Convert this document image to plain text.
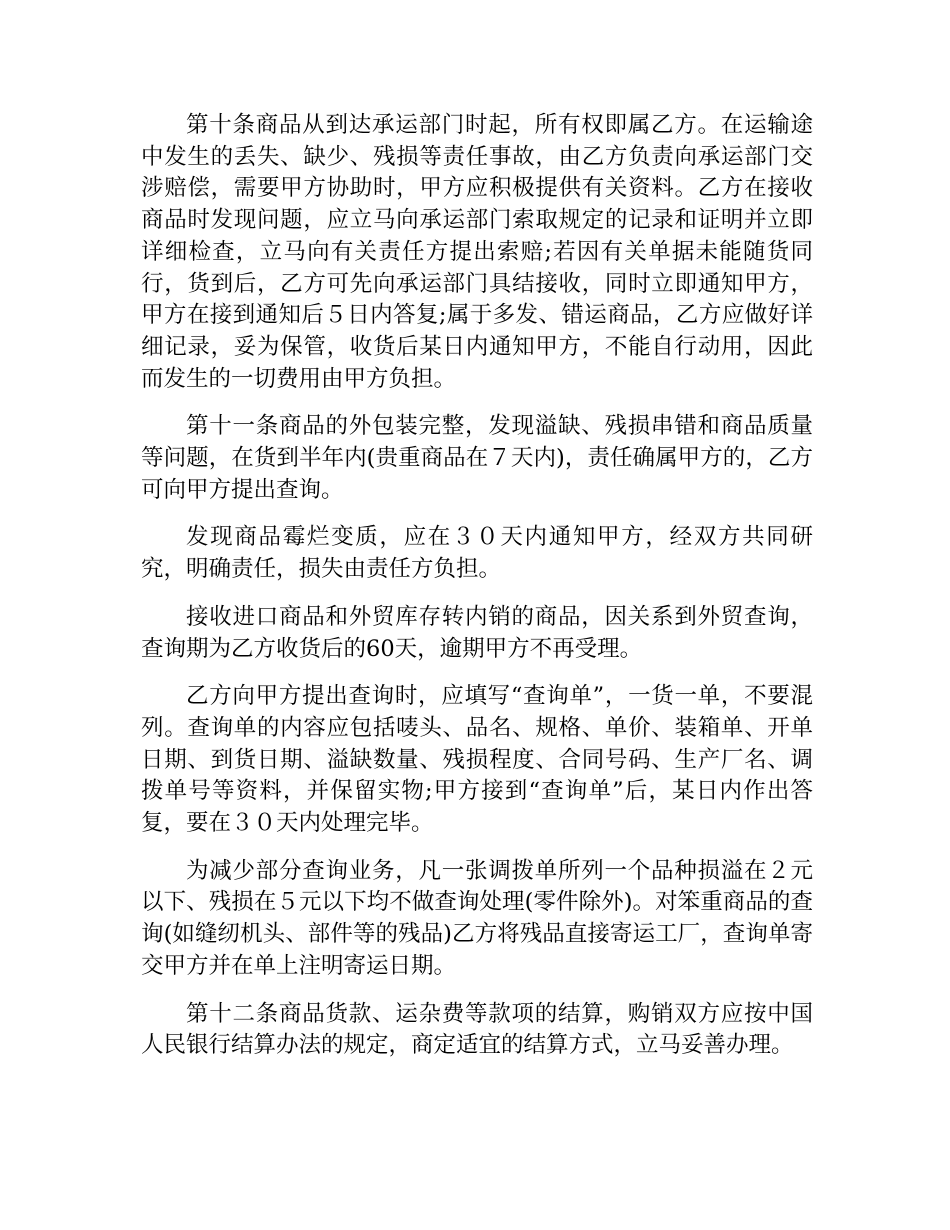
第十条商品从到达承运部门时起，所有权即属乙方。在运输途中发生的丢失、缺少、残损等责任事故，由乙方负责向承运部门交涉赔偿，需要甲方协助时，甲方应积极提供有关资料。乙方在接收商品时发现问题，应立马向承运部门索取规定的记录和证明并立即详细检查，立马向有关责任方提出索赔;若因有关单据未能随货同行，货到后，乙方可先向承运部门具结接收，同时立即通知甲方，甲方在接到通知后５日内答复;属于多发、错运商品，乙方应做好详细记录，妥为保管，收货后某日内通知甲方，不能自行动用，因此而发生的一切费用由甲方负担。

第十一条商品的外包装完整，发现溢缺、残损串错和商品质量等问题，在货到半年内(贵重商品在７天内)，责任确属甲方的，乙方可向甲方提出查询。

发现商品霉烂变质，应在３０天内通知甲方，经双方共同研究，明确责任，损失由责任方负担。

接收进口商品和外贸库存转内销的商品，因关系到外贸查询，查询期为乙方收货后的60天，逾期甲方不再受理。

乙方向甲方提出查询时，应填写“查询单”，一货一单，不要混列。查询单的内容应包括唛头、品名、规格、单价、装箱单、开单日期、到货日期、溢缺数量、残损程度、合同号码、生产厂名、调拨单号等资料，并保留实物;甲方接到“查询单”后，某日内作出答复，要在３０天内处理完毕。

为减少部分查询业务，凡一张调拨单所列一个品种损溢在２元以下、残损在５元以下均不做查询处理(零件除外)。对笨重商品的查询(如缝纫机头、部件等的残品)乙方将残品直接寄运工厂，查询单寄交甲方并在单上注明寄运日期。

第十二条商品货款、运杂费等款项的结算，购销双方应按中国人民银行结算办法的规定，商定适宜的结算方式，立马妥善办理。
